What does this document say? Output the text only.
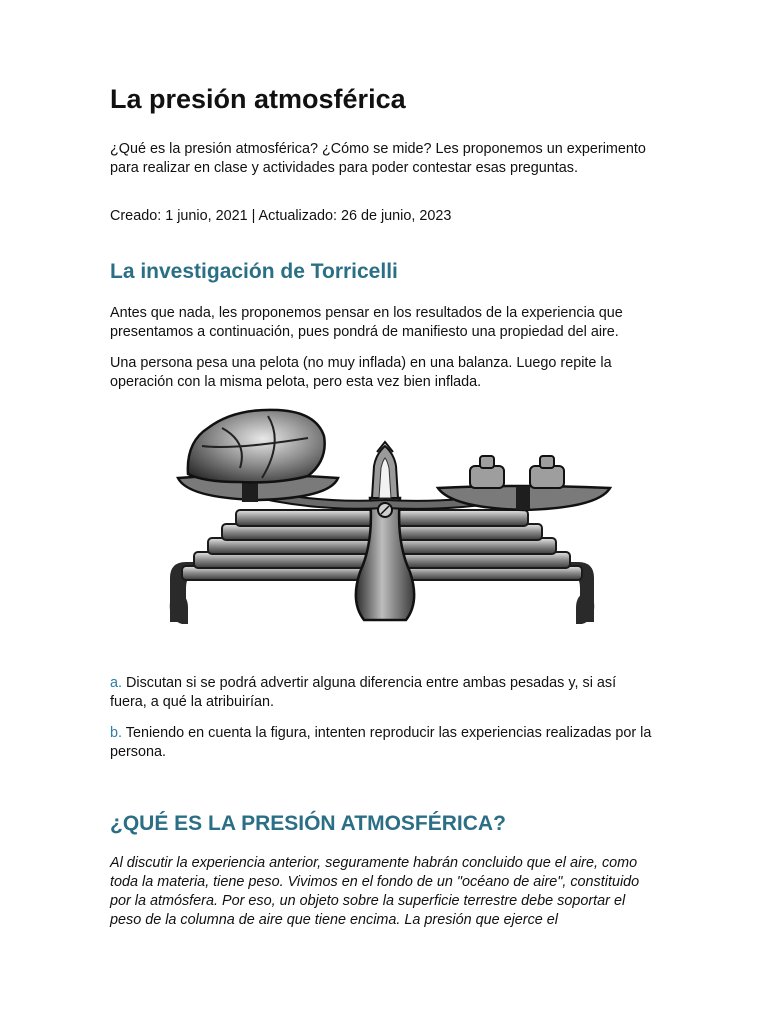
La presión atmosférica

¿Qué es la presión atmosférica? ¿Cómo se mide? Les proponemos un experimento para realizar en clase y actividades para poder contestar esas preguntas.

Creado: 1 junio, 2021 | Actualizado: 26 de junio, 2023

La investigación de Torricelli

Antes que nada, les proponemos pensar en los resultados de la experiencia que presentamos a continuación, pues pondrá de manifiesto una propiedad del aire.

Una persona pesa una pelota (no muy inflada) en una balanza. Luego repite la operación con la misma pelota, pero esta vez bien inflada.

a. Discutan si se podrá advertir alguna diferencia entre ambas pesadas y, si así fuera, a qué la atribuirían.

b. Teniendo en cuenta la figura, intenten reproducir las experiencias realizadas por la persona.

¿QUÉ ES LA PRESIÓN ATMOSFÉRICA?

Al discutir la experiencia anterior, seguramente habrán concluido que el aire, como toda la materia, tiene peso. Vivimos en el fondo de un "océano de aire", constituido por la atmósfera. Por eso, un objeto sobre la superficie terrestre debe soportar el peso de la columna de aire que tiene encima. La presión que ejerce el
